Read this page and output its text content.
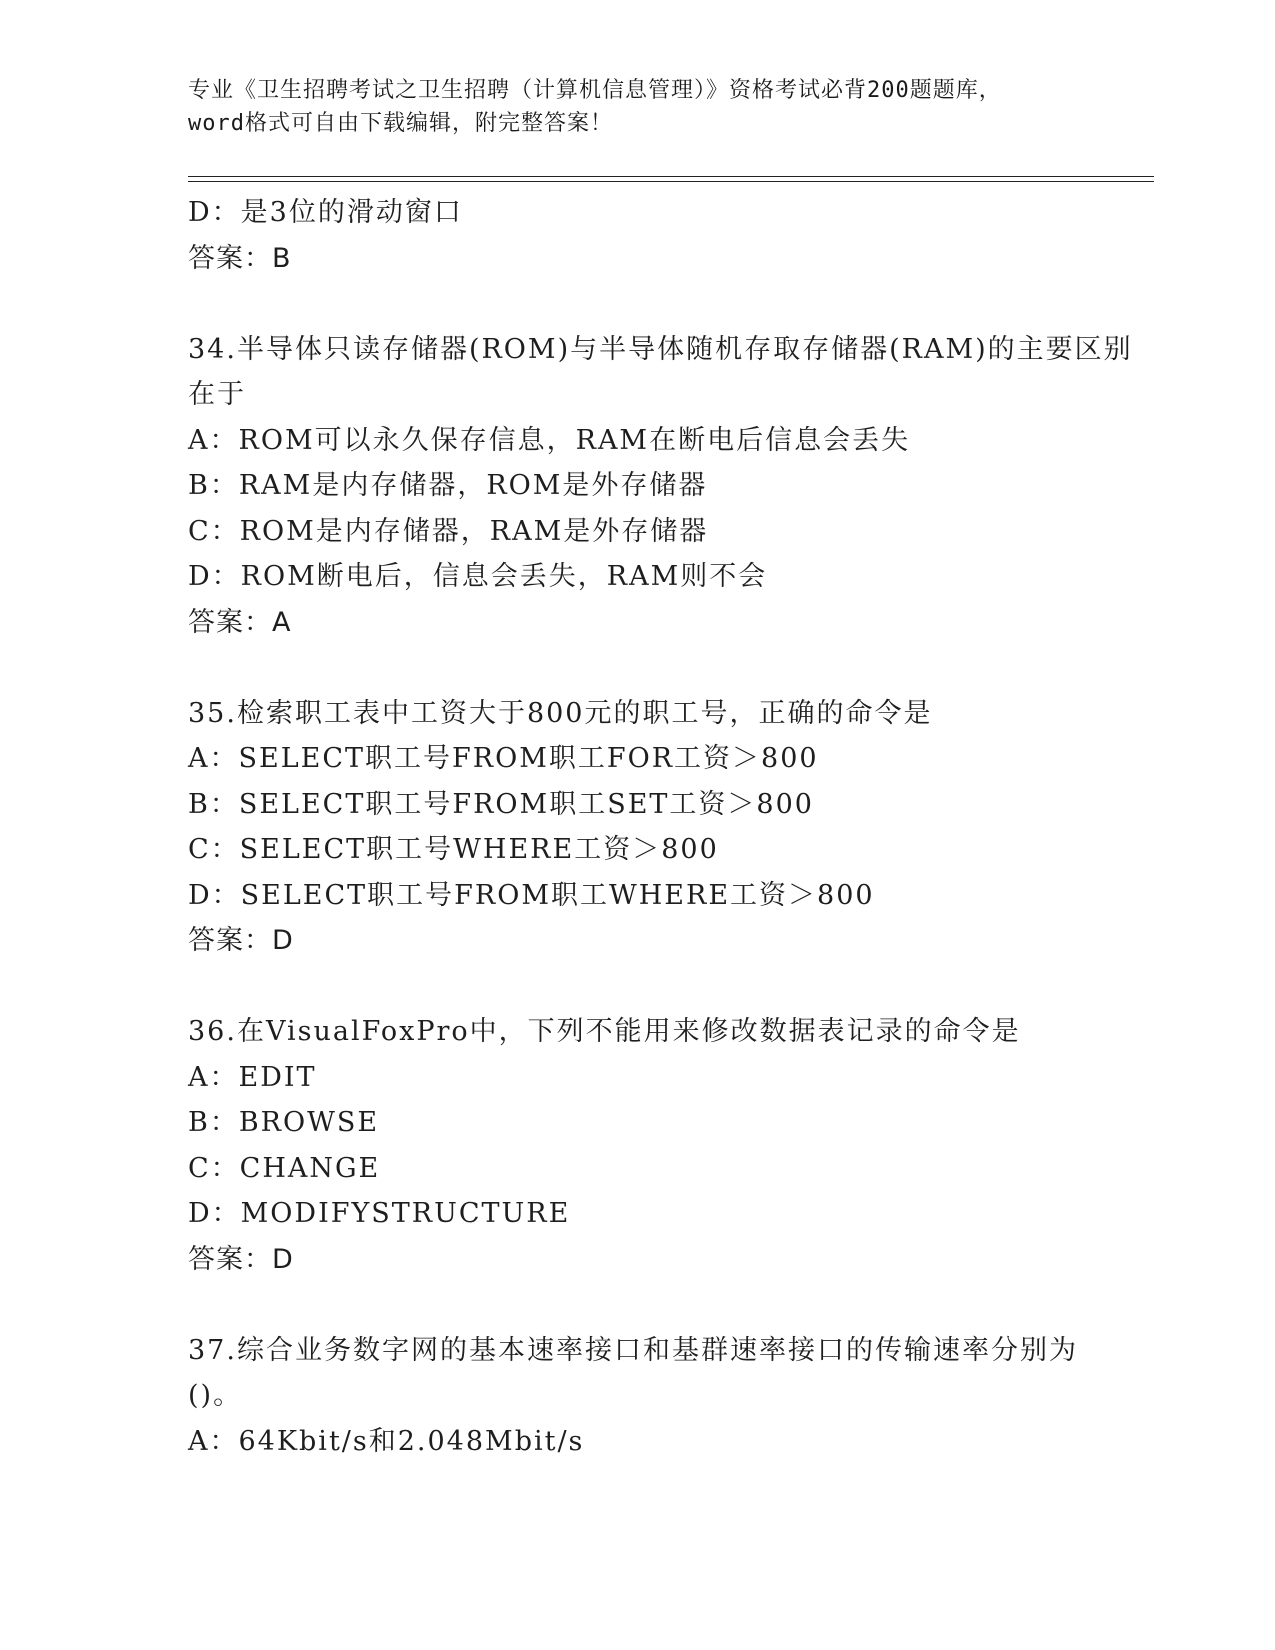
专业《卫生招聘考试之卫生招聘（计算机信息管理）》资格考试必背200题题库，
word格式可自由下载编辑，附完整答案！
D：是3位的滑动窗口
答案：B
34.半导体只读存储器(ROM)与半导体随机存取存储器(RAM)的主要区别
在于
A：ROM可以永久保存信息，RAM在断电后信息会丢失
B：RAM是内存储器，ROM是外存储器
C：ROM是内存储器，RAM是外存储器
D：ROM断电后，信息会丢失，RAM则不会
答案：A
35.检索职工表中工资大于800元的职工号，正确的命令是
A：SELECT职工号FROM职工FOR工资＞800
B：SELECT职工号FROM职工SET工资＞800
C：SELECT职工号WHERE工资＞800
D：SELECT职工号FROM职工WHERE工资＞800
答案：D
36.在VisualFoxPro中，下列不能用来修改数据表记录的命令是
A：EDIT
B：BROWSE
C：CHANGE
D：MODIFYSTRUCTURE
答案：D
37.综合业务数字网的基本速率接口和基群速率接口的传输速率分别为
()。
A：64Kbit/s和2.048Mbit/s
